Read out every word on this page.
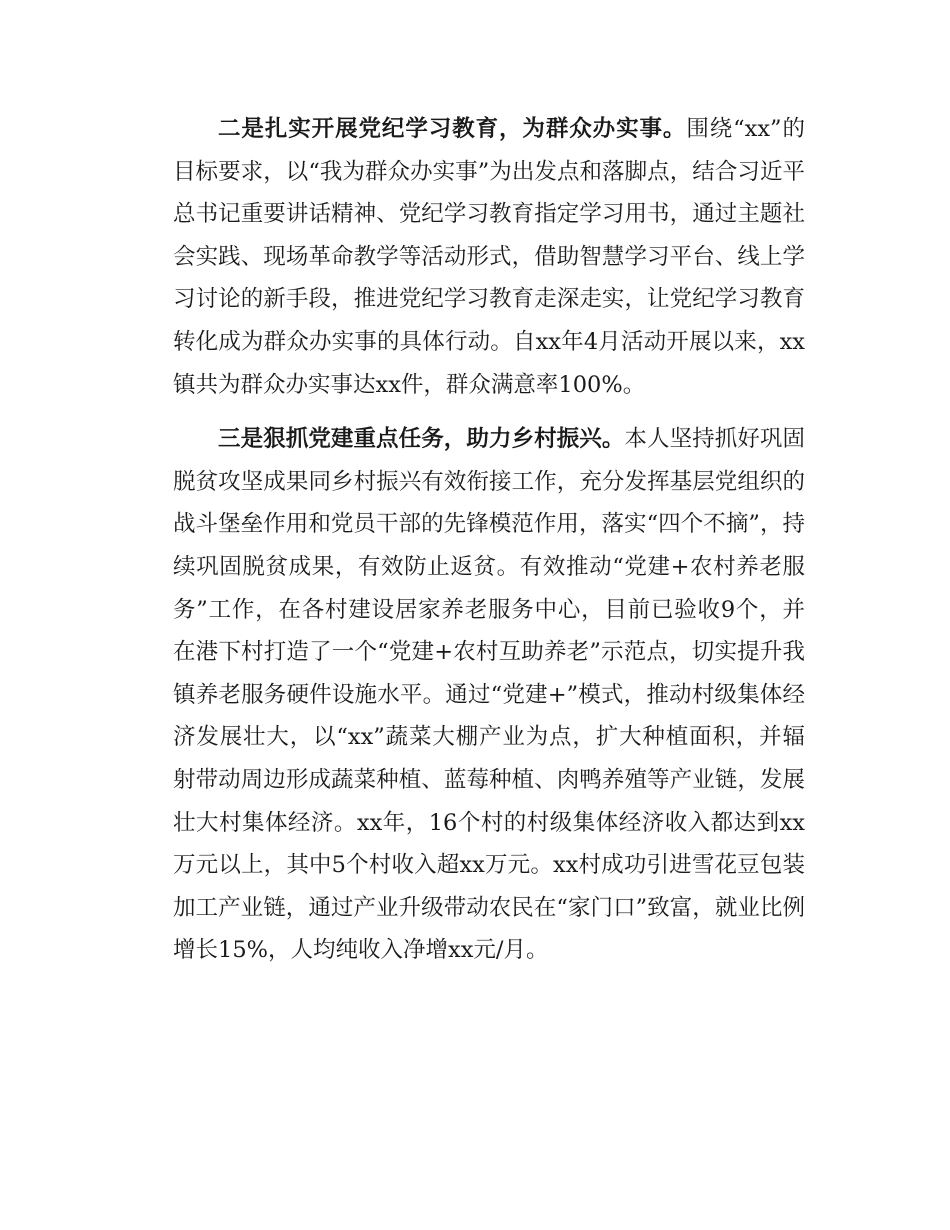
二是扎实开展党纪学习教育，为群众办实事。围绕“xx”的目标要求，以“我为群众办实事”为出发点和落脚点，结合习近平总书记重要讲话精神、党纪学习教育指定学习用书，通过主题社会实践、现场革命教学等活动形式，借助智慧学习平台、线上学习讨论的新手段，推进党纪学习教育走深走实，让党纪学习教育转化成为群众办实事的具体行动。自xx年4月活动开展以来，xx镇共为群众办实事达xx件，群众满意率100%。

三是狠抓党建重点任务，助力乡村振兴。本人坚持抓好巩固脱贫攻坚成果同乡村振兴有效衔接工作，充分发挥基层党组织的战斗堡垒作用和党员干部的先锋模范作用，落实“四个不摘”，持续巩固脱贫成果，有效防止返贫。有效推动“党建+农村养老服务”工作，在各村建设居家养老服务中心，目前已验收9个，并在港下村打造了一个“党建+农村互助养老”示范点，切实提升我镇养老服务硬件设施水平。通过“党建+”模式，推动村级集体经济发展壮大，以“xx”蔬菜大棚产业为点，扩大种植面积，并辐射带动周边形成蔬菜种植、蓝莓种植、肉鸭养殖等产业链，发展壮大村集体经济。xx年，16个村的村级集体经济收入都达到xx万元以上，其中5个村收入超xx万元。xx村成功引进雪花豆包装加工产业链，通过产业升级带动农民在“家门口”致富，就业比例增长15%，人均纯收入净增xx元/月。
